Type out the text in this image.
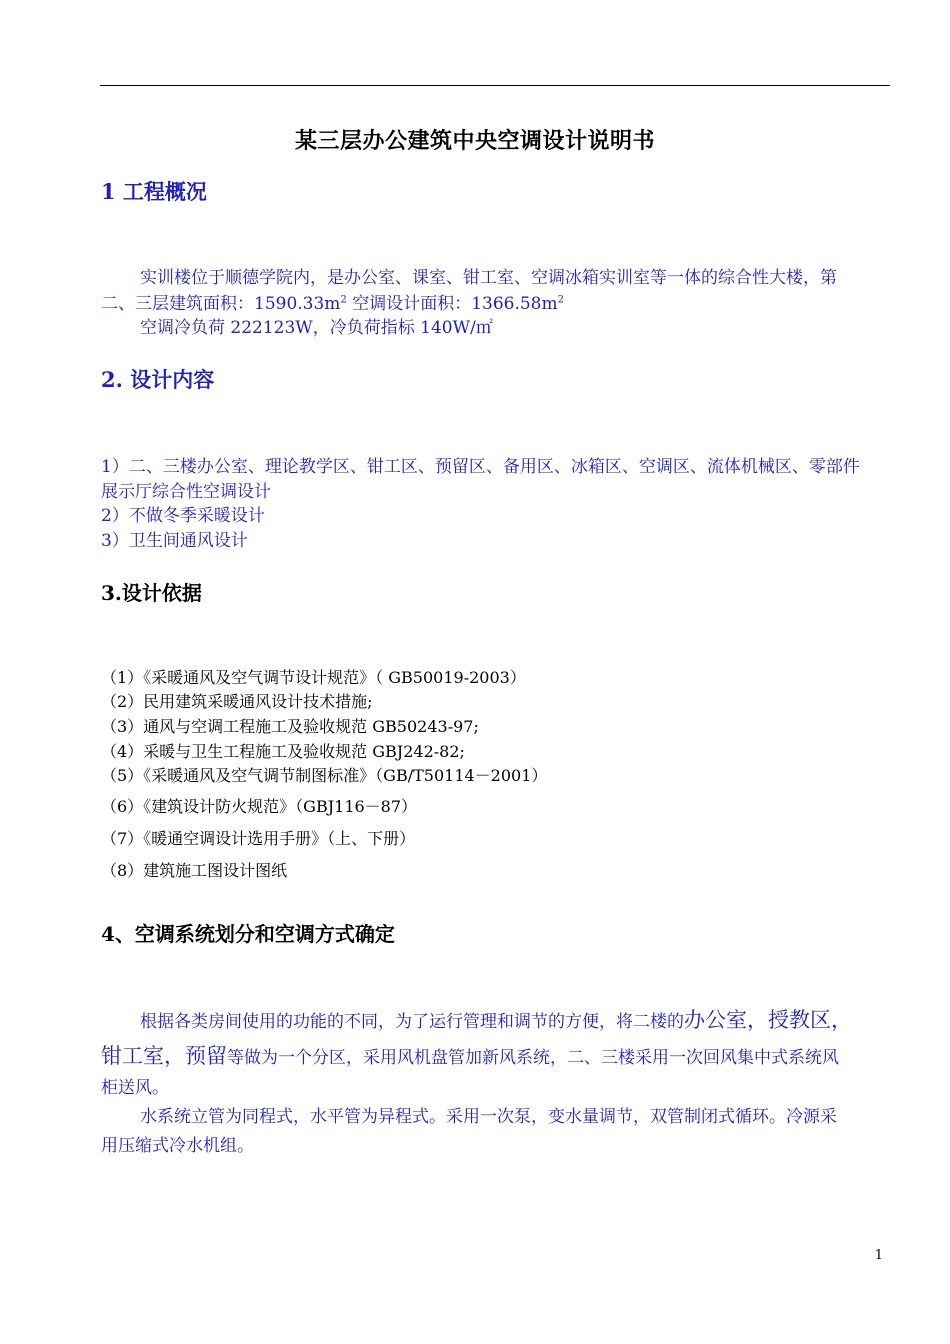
某三层办公建筑中央空调设计说明书
1 工程概况
实训楼位于顺德学院内，是办公室、课室、钳工室、空调冰箱实训室等一体的综合性大楼，第
二、三层建筑面积：$1590.33m^2$ 空调设计面积：$1366.58m^2$
空调冷负荷 222123W，冷负荷指标 140W/㎡
2. 设计内容
1）二、三楼办公室、理论教学区、钳工区、预留区、备用区、冰箱区、空调区、流体机械区、零部件
展示厅综合性空调设计
2）不做冬季采暖设计
3）卫生间通风设计
3.设计依据
（1）《采暖通风及空气调节设计规范》（ GB50019-2003）
（2）民用建筑采暖通风设计技术措施;
（3）通风与空调工程施工及验收规范 GB50243-97;
（4）采暖与卫生工程施工及验收规范 GBJ242-82;
（5）《采暖通风及空气调节制图标准》（GB/T50114－2001）
（6）《建筑设计防火规范》（GBJ116－87）
（7）《暖通空调设计选用手册》（上、下册）
（8）建筑施工图设计图纸
4、空调系统划分和空调方式确定
根据各类房间使用的功能的不同，为了运行管理和调节的方便，将二楼的办公室，授教区，
钳工室，预留等做为一个分区，采用风机盘管加新风系统，二、三楼采用一次回风集中式系统风
柜送风。
水系统立管为同程式，水平管为异程式。采用一次泵，变水量调节，双管制闭式循环。冷源采
用压缩式冷水机组。
1
